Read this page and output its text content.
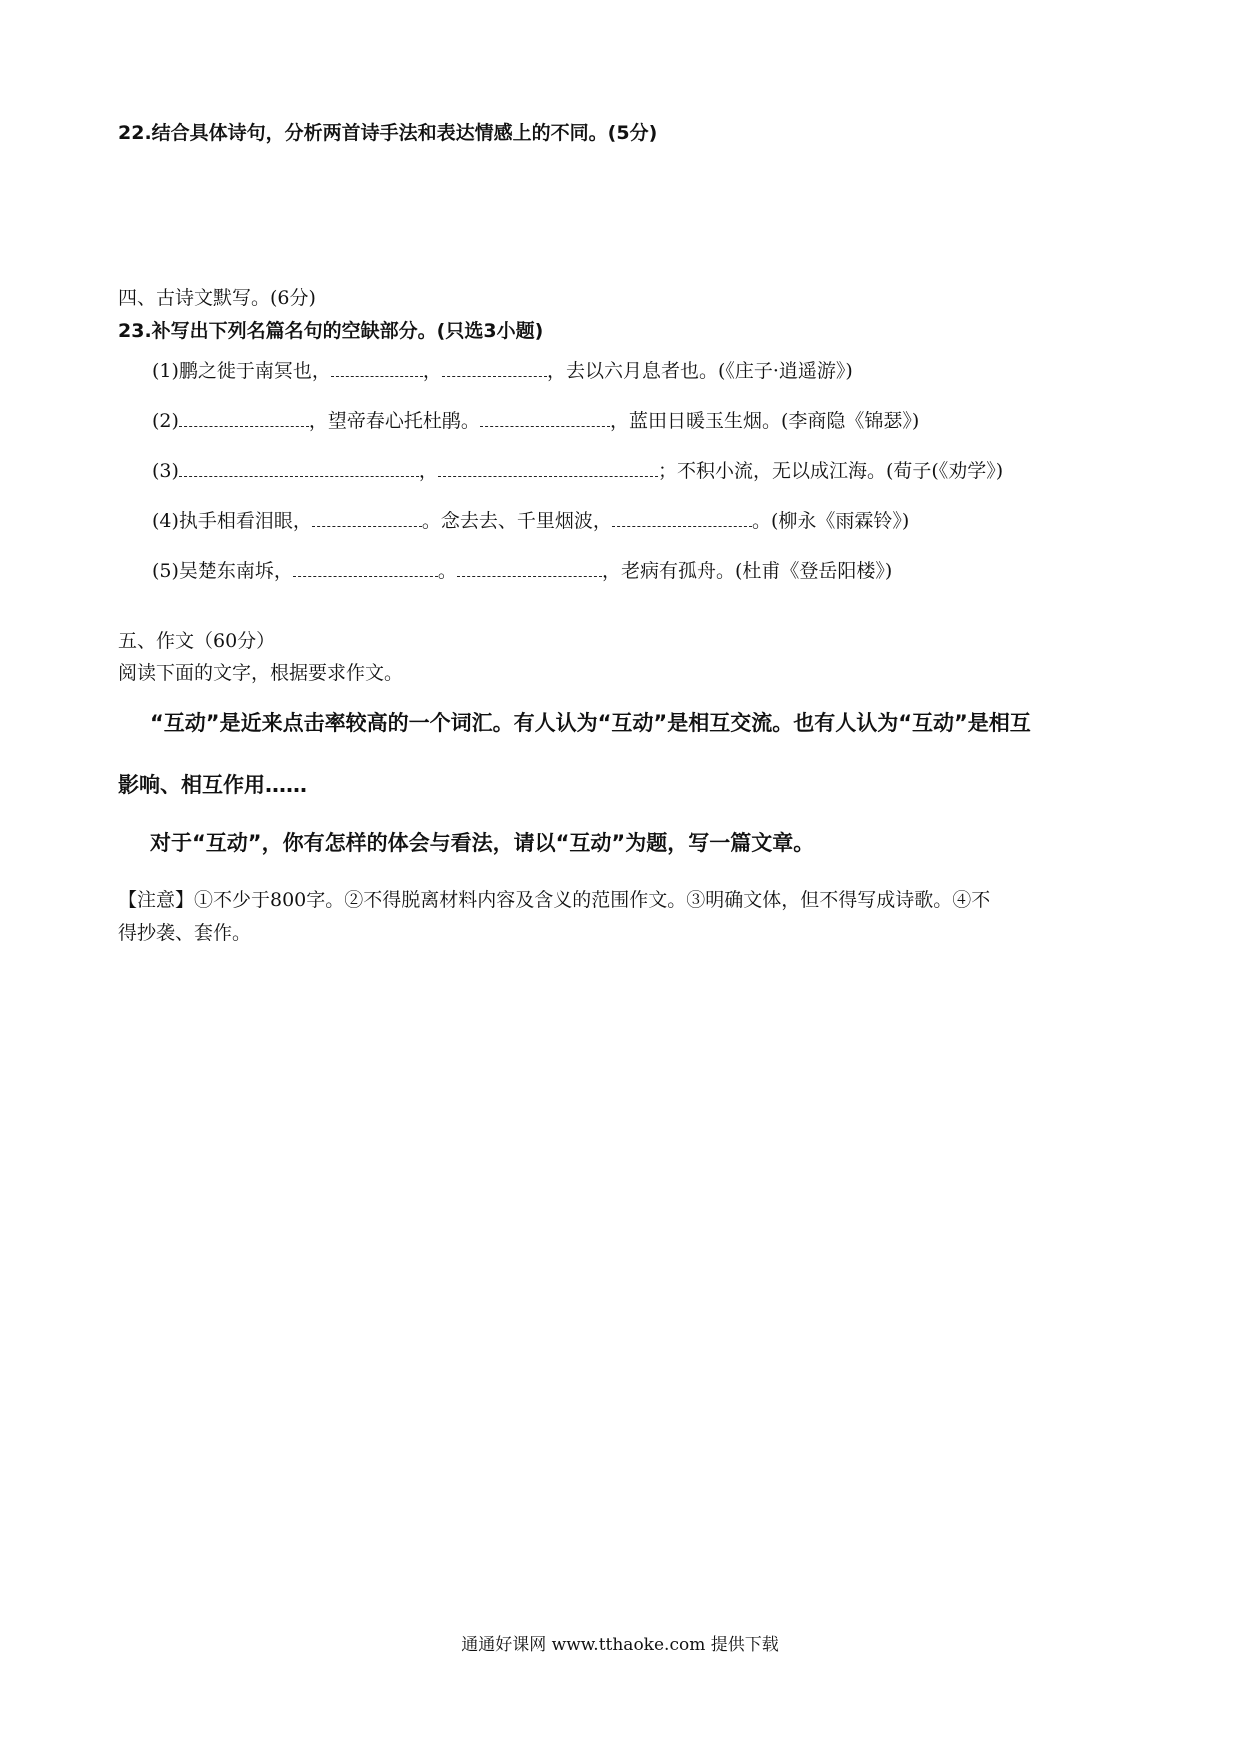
22.结合具体诗句，分析两首诗手法和表达情感上的不同。(5分)
四、古诗文默写。(6分)
23.补写出下列名篇名句的空缺部分。(只选3小题)
(1)鹏之徙于南冥也，	，	，去以六月息者也。(《庄子·逍遥游》)
(2)	，望帝春心托杜鹃。	，蓝田日暖玉生烟。(李商隐《锦瑟》)
(3)	，	；不积小流，无以成江海。(荀子(《劝学》)
(4)执手相看泪眼，	。念去去、千里烟波，	。(柳永《雨霖铃》)
(5)吴楚东南坼，	。	，老病有孤舟。(杜甫《登岳阳楼》)
五、作文（60分）
阅读下面的文字，根据要求作文。
“互动”是近来点击率较高的一个词汇。有人认为“互动”是相互交流。也有人认为“互动”是相互
影响、相互作用……
对于“互动”，你有怎样的体会与看法，请以“互动”为题，写一篇文章。
【注意】①不少于800字。②不得脱离材料内容及含义的范围作文。③明确文体，但不得写成诗歌。④不
得抄袭、套作。
通通好课网 www.tthaoke.com 提供下载
